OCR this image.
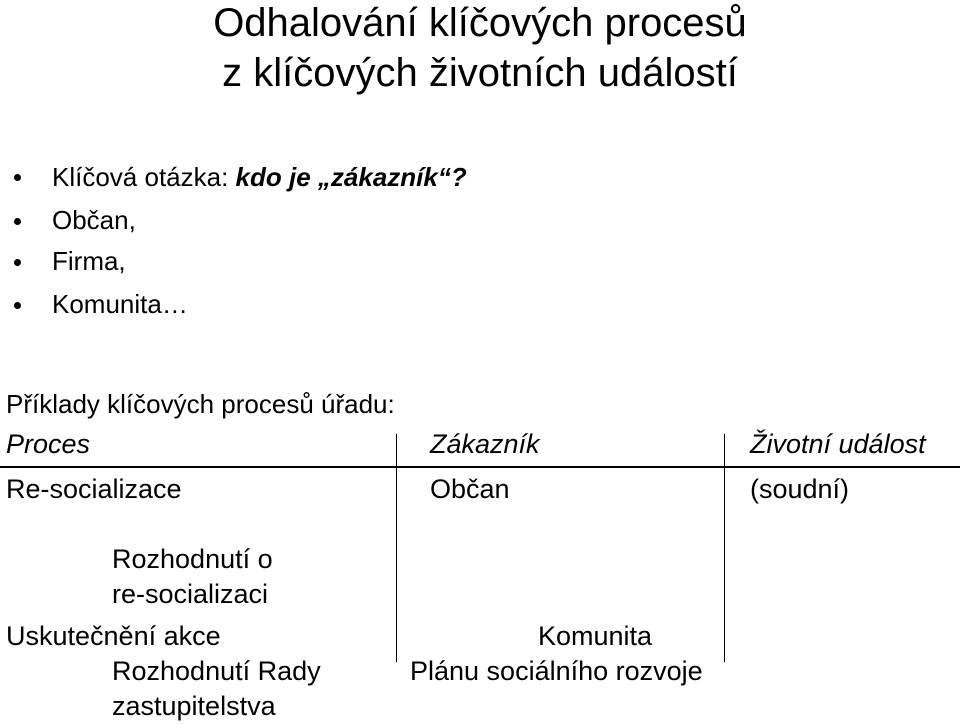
Odhalování klíčových procesů
z klíčových životních událostí
Klíčová otázka: kdo je „zákazník“?
Občan,
Firma,
Komunita…
Příklady klíčových procesů úřadu:
Proces	Zákazník	Životní událost
Re-socializace	Občan	(soudní)
Rozhodnutí o
re-socializaci
Uskutečnění akce	Komunita
Rozhodnutí Rady	Plánu sociálního rozvoje
zastupitelstva
